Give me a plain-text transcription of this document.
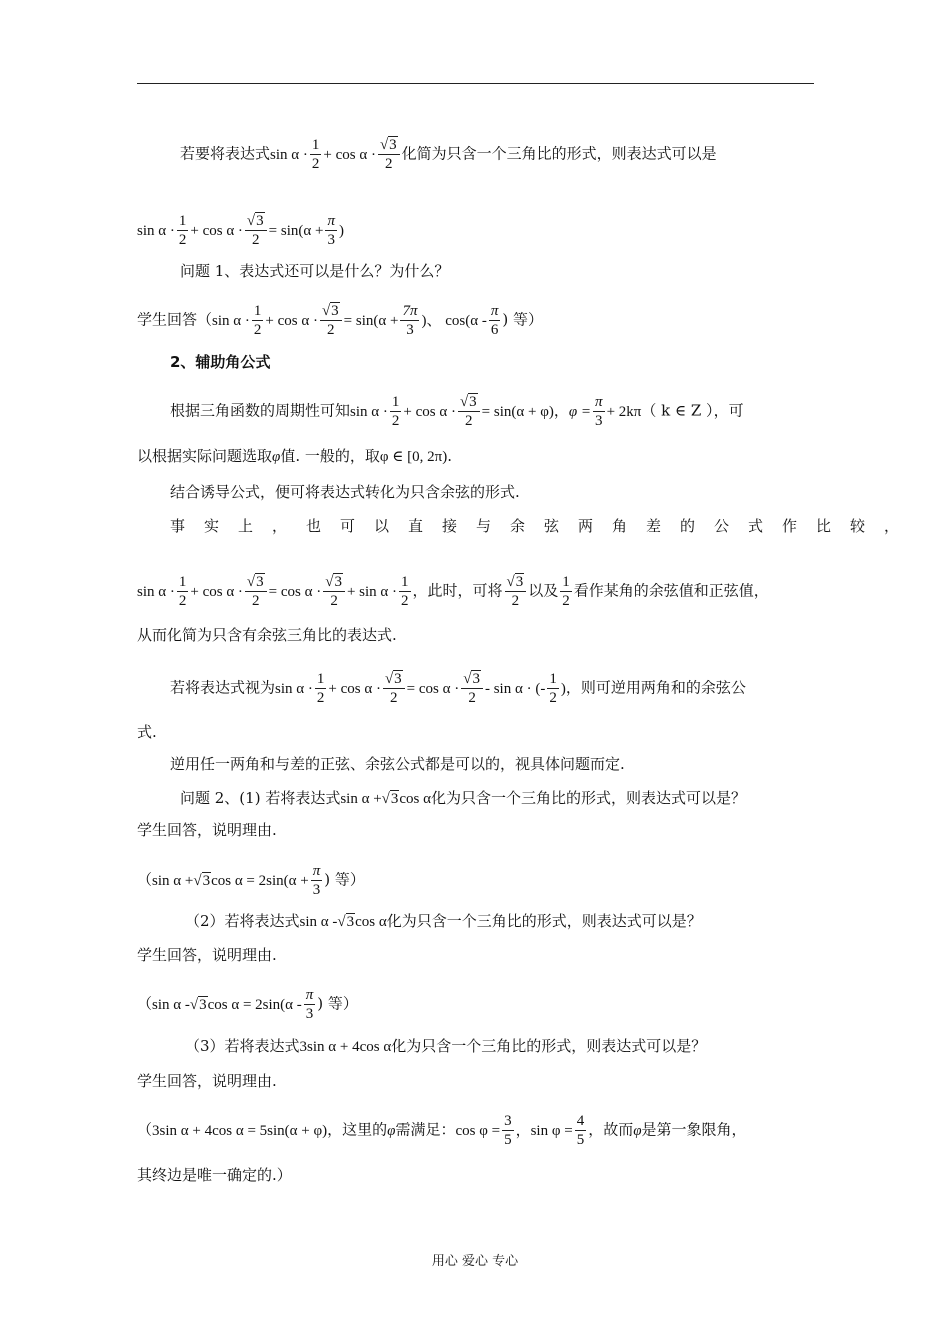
若要将表达式$\sin \alpha \cdot \frac{1}{2} + \cos \alpha \cdot \frac{√3}{2}$ 化简为只含一个三角比的形式，则表达式可以是
$\sin \alpha \cdot \frac{1}{2} + \cos \alpha \cdot \frac{√3}{2} = \sin(\alpha + \frac{\pi}{3}$ )
问题 1、表达式还可以是什么？为什么？
学生回答（sin $\alpha \cdot \frac{1}{2} + \cos \alpha \cdot \frac{√3}{2} = \sin(\alpha + \frac{7\pi}{3}$ )、 $\cos(\alpha - \frac{\pi}{6}$ ) 等）
2、辅助角公式
根据三角函数的周期性可知$\sin \alpha \cdot \frac{1}{2} + \cos \alpha \cdot \frac{√3}{2} = \sin(\alpha + \varphi)$，$\varphi = \frac{\pi}{3} + 2k\pi$（ k ∈ Z ），可
以根据实际问题选取φ值. 一般的，取φ ∈ [0, 2π).
结合诱导公式，便可将表达式转化为只含余弦的形式.
事实上，也可以直接与余弦两角差的公式作比较，
$\sin \alpha \cdot \frac{1}{2} + \cos \alpha \cdot \frac{√3}{2} = \cos \alpha \cdot \frac{√3}{2} + \sin \alpha \cdot \frac{1}{2}$ ，此时，可将 $\frac{√3}{2}$ 以及 $\frac{1}{2}$ 看作某角的余弦值和正弦值，
从而化简为只含有余弦三角比的表达式.
若将表达式视为$\sin \alpha \cdot \frac{1}{2} + \cos \alpha \cdot \frac{√3}{2} = \cos \alpha \cdot \frac{√3}{2} - \sin \alpha$ · (- $\frac{1}{2}$ )，则可逆用两角和的余弦公
式.
逆用任一两角和与差的正弦、余弦公式都是可以的，视具体问题而定.
问题 2、(1) 若将表达式sin α +√3cos α化为只含一个三角比的形式，则表达式可以是？
学生回答，说明理由.
（sin α +√3cos $\alpha = 2\sin(\alpha + \frac{\pi}{3}$ ) 等）
（2）若将表达式sin α -√3cos α化为只含一个三角比的形式，则表达式可以是？
学生回答，说明理由.
（sin α -√3cos $\alpha = 2\sin(\alpha - \frac{\pi}{3}$ ) 等）
（3）若将表达式3sin α + 4cos α化为只含一个三角比的形式，则表达式可以是？
学生回答，说明理由.
（3sin α + 4cos α = 5sin(α + φ)，这里的φ需满足：$\cos \varphi = \frac{3}{5}$ ，$\sin \varphi = \frac{4}{5}$ ，故而φ是第一象限角，
其终边是唯一确定的.）
用心 爱心 专心
